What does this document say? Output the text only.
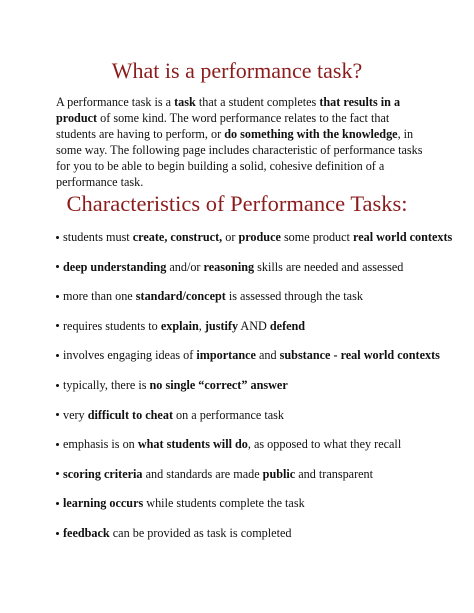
What is a performance task?

A performance task is a task that a student completes that results in a product of some kind. The word performance relates to the fact that students are having to perform, or do something with the knowledge, in some way. The following page includes characteristic of performance tasks for you to be able to begin building a solid, cohesive definition of a performance task.

Characteristics of Performance Tasks:
students must create, construct, or produce some product real world contexts
deep understanding and/or reasoning skills are needed and assessed
more than one standard/concept is assessed through the task
requires students to explain, justify AND defend
involves engaging ideas of importance and substance - real world contexts
typically, there is no single “correct” answer
very difficult to cheat on a performance task
emphasis is on what students will do, as opposed to what they recall
scoring criteria and standards are made public and transparent
learning occurs while students complete the task
feedback can be provided as task is completed
